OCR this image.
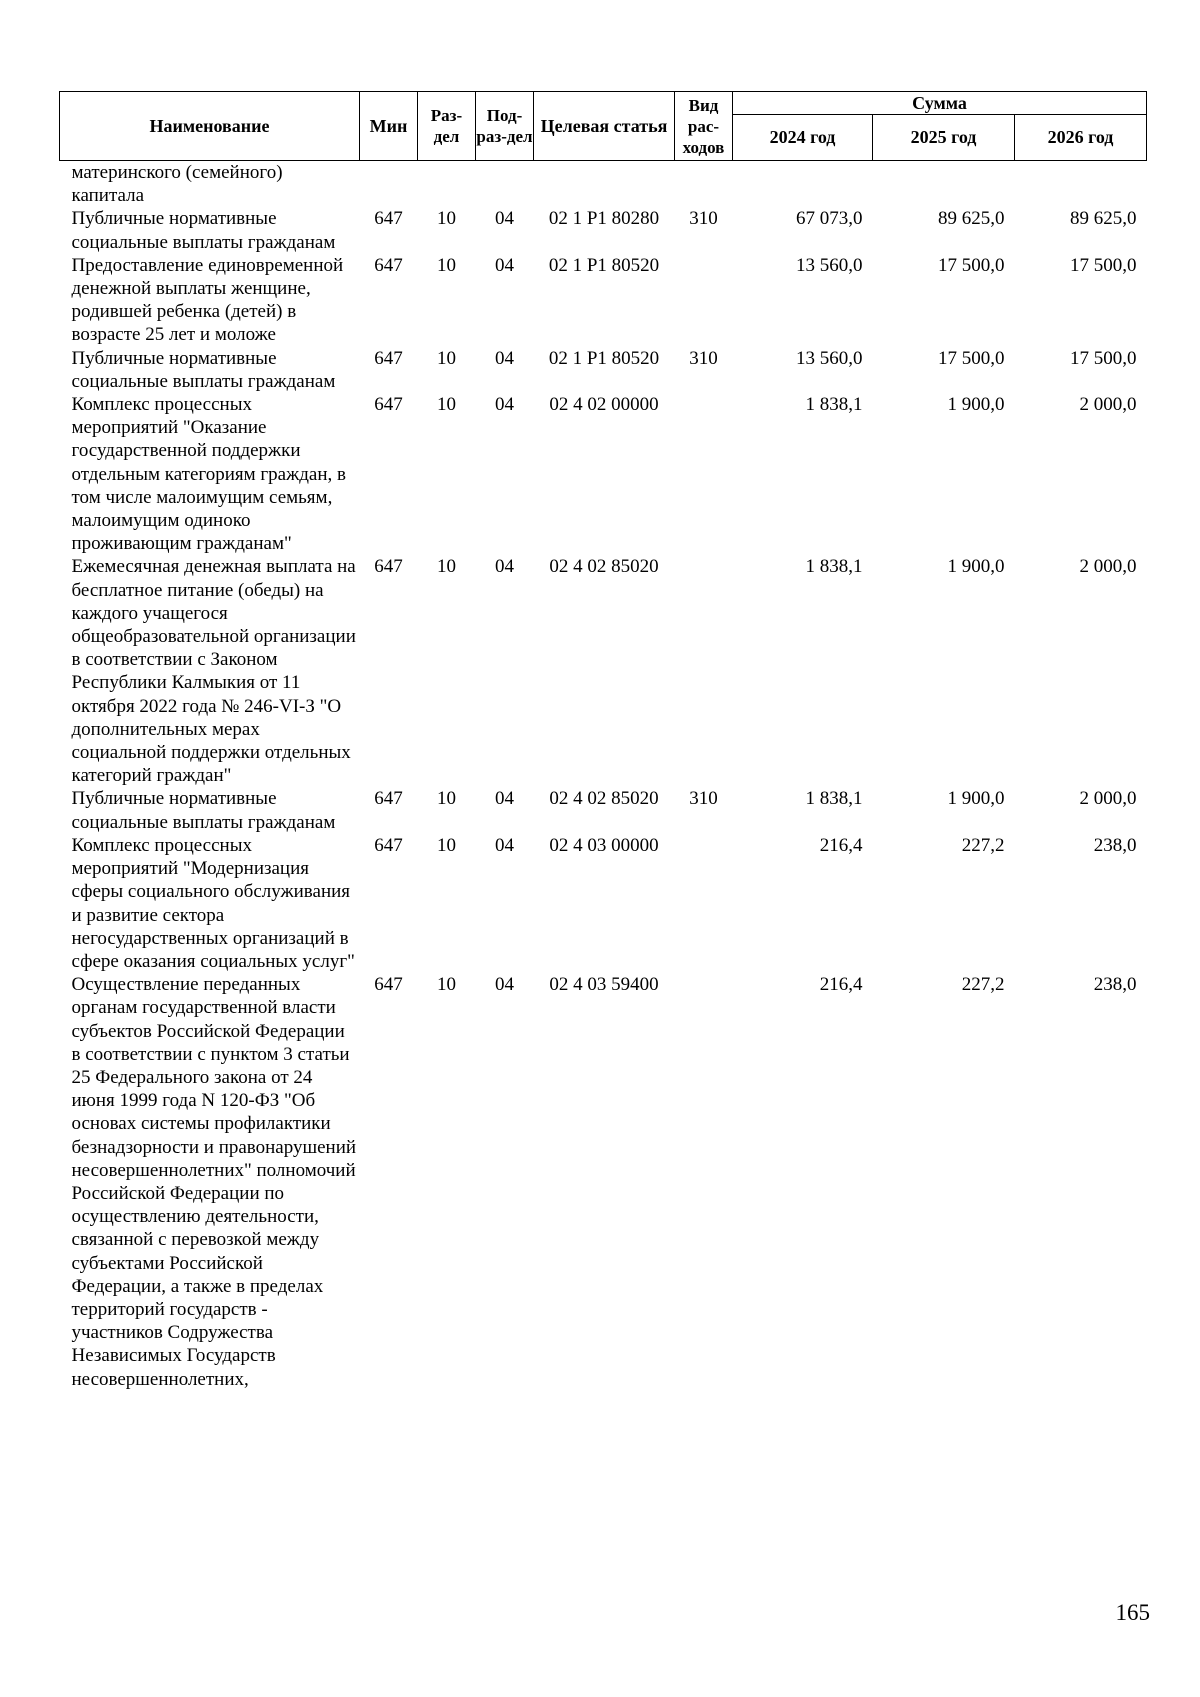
Наименование	Мин	Раз-дел	Под-раз-дел	Целевая статья	Вид рас-ходов	Сумма		
						2024 год	2025 год	2026 год
материнского (семейного) капитала								
Публичные нормативные социальные выплаты гражданам	647	10	04	02 1 P1 80280	310	67 073,0	89 625,0	89 625,0
Предоставление единовременной денежной выплаты женщине, родившей ребенка (детей) в возрасте 25 лет и моложе	647	10	04	02 1 P1 80520		13 560,0	17 500,0	17 500,0
Публичные нормативные социальные выплаты гражданам	647	10	04	02 1 P1 80520	310	13 560,0	17 500,0	17 500,0
Комплекс процессных мероприятий "Оказание государственной поддержки отдельным категориям граждан, в том числе малоимущим семьям, малоимущим одиноко проживающим гражданам"	647	10	04	02 4 02 00000		1 838,1	1 900,0	2 000,0
Ежемесячная денежная выплата на бесплатное питание (обеды) на каждого учащегося общеобразовательной организации в соответствии с Законом Республики Калмыкия от 11 октября 2022 года № 246-VI-З "О дополнительных мерах социальной поддержки отдельных категорий граждан"	647	10	04	02 4 02 85020		1 838,1	1 900,0	2 000,0
Публичные нормативные социальные выплаты гражданам	647	10	04	02 4 02 85020	310	1 838,1	1 900,0	2 000,0
Комплекс процессных мероприятий "Модернизация сферы социального обслуживания и развитие сектора негосударственных организаций в сфере оказания социальных услуг"	647	10	04	02 4 03 00000		216,4	227,2	238,0
Осуществление переданных органам государственной власти субъектов Российской Федерации в соответствии с пунктом 3 статьи 25 Федерального закона от 24 июня 1999 года N 120-ФЗ "Об основах системы профилактики безнадзорности и правонарушений несовершеннолетних" полномочий Российской Федерации по осуществлению деятельности, связанной с перевозкой между субъектами Российской Федерации, а также в пределах территорий государств - участников Содружества Независимых Государств несовершеннолетних,	647	10	04	02 4 03 59400		216,4	227,2	238,0
165
